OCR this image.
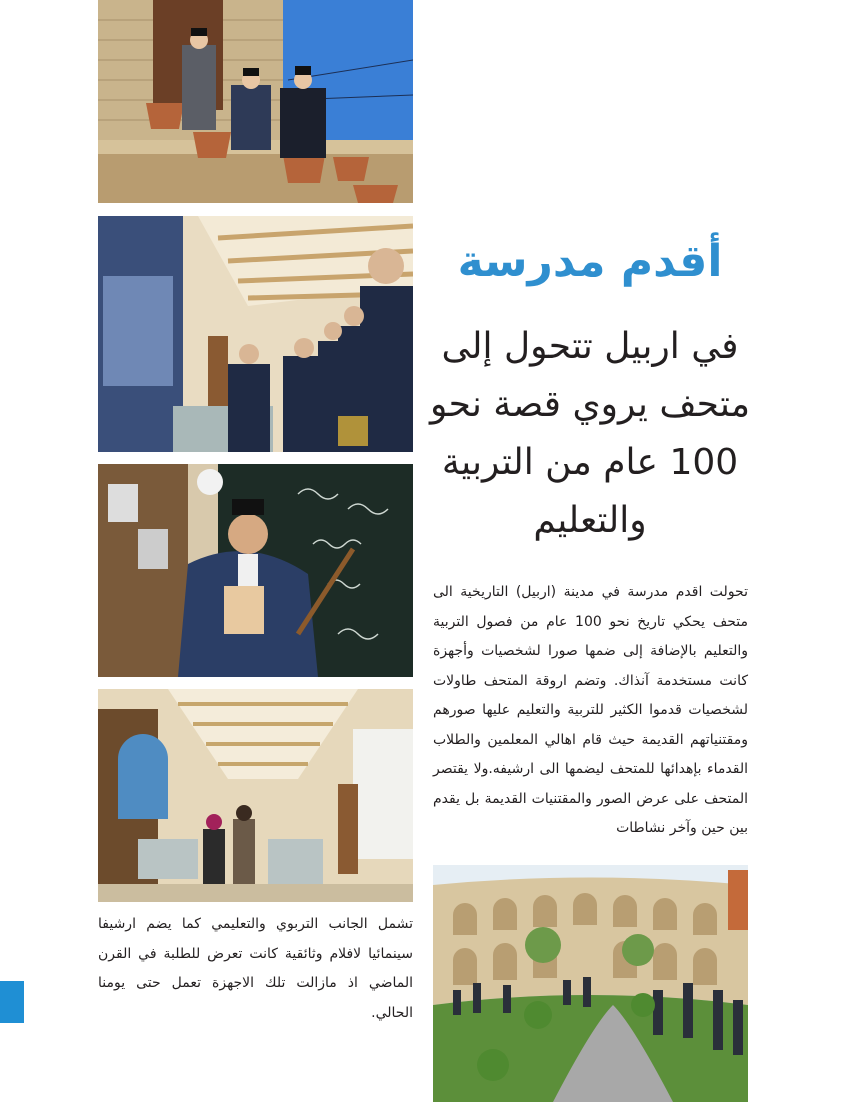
أقدم مدرسة
في اربيل تتحول إلى متحف يروي قصة نحو 100 عام من التربية والتعليم
تحولت اقدم مدرسة في مدينة (اربيل) التاريخية الى متحف يحكي تاريخ نحو 100 عام من فصول التربية والتعليم بالإضافة إلى ضمها صورا لشخصيات وأجهزة كانت مستخدمة آنذاك. وتضم اروقة المتحف طاولات لشخصيات قدموا الكثير للتربية والتعليم عليها صورهم ومقتنياتهم القديمة حيث قام اهالي المعلمين والطلاب القدماء بإهدائها للمتحف ليضمها الى ارشيفه.ولا يقتصر المتحف على عرض الصور والمقتنيات القديمة بل يقدم بين حين وآخر نشاطات
تشمل الجانب التربوي والتعليمي كما يضم ارشيفا سينمائيا لافلام وثائقية كانت تعرض للطلبة في القرن الماضي اذ مازالت تلك الاجهزة تعمل حتى يومنا الحالي.
